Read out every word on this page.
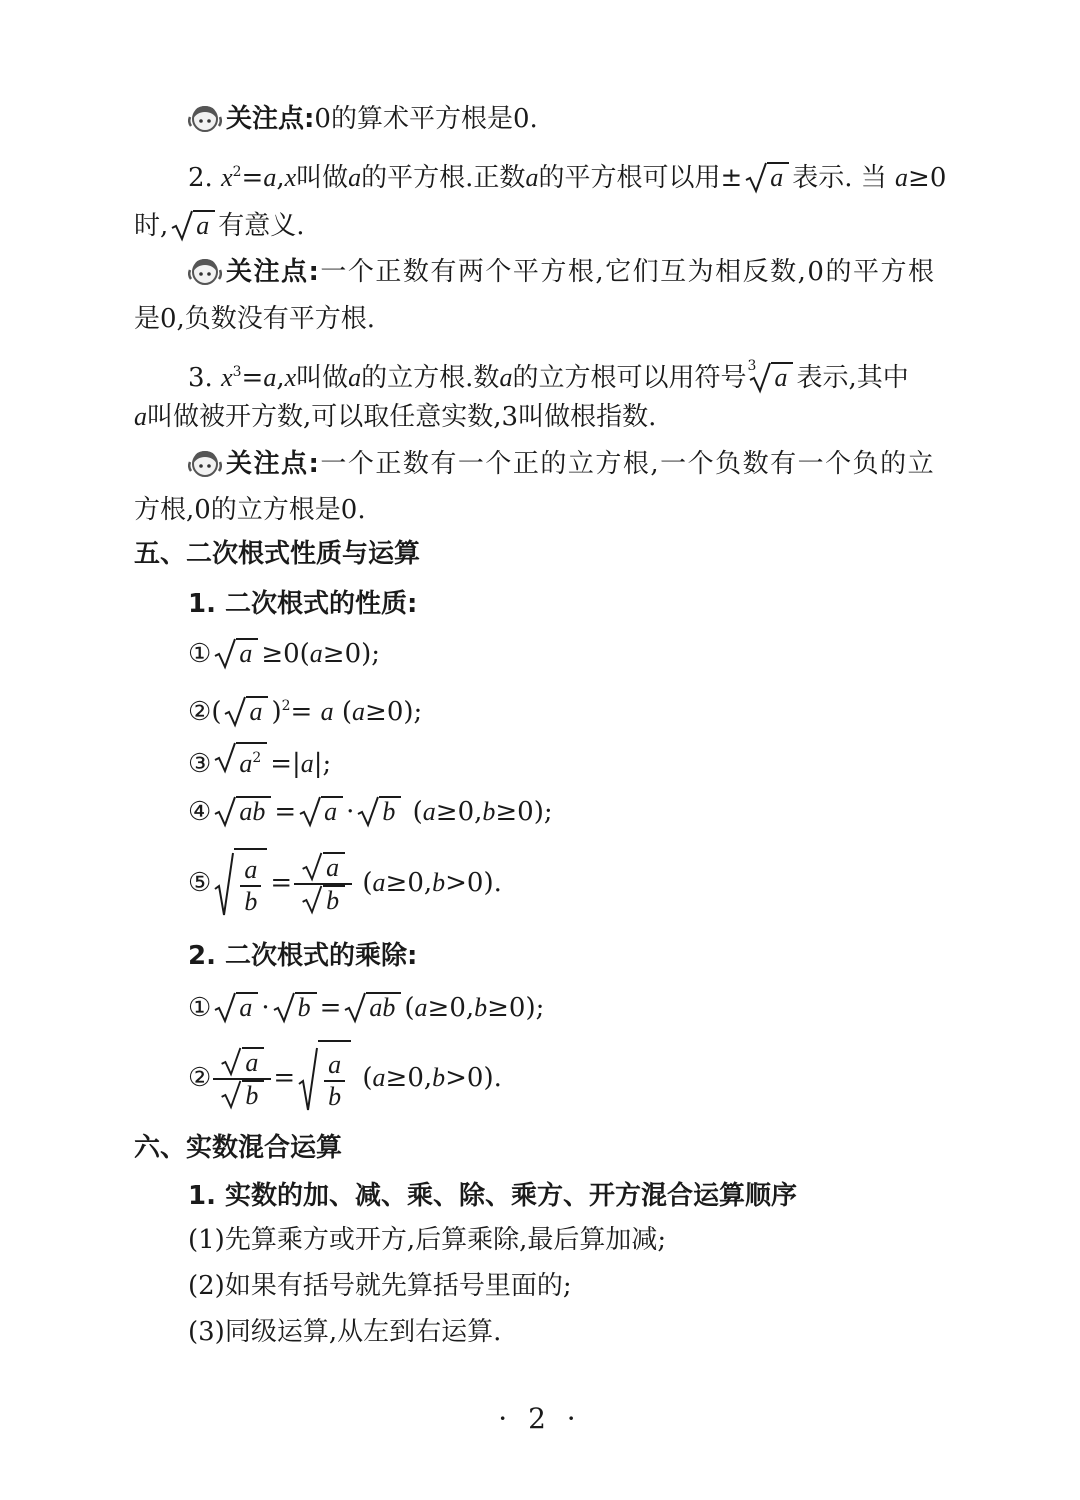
关注点:0的算术平方根是0.
2. $x^2=a,x$叫做a的平方根.正数a的平方根可以用± a 表示. 当 a≥0
时, a 有意义.
关注点:一个正数有两个平方根,它们互为相反数,0的平方根
是0,负数没有平方根.
3. $x^3=a,x$叫做a的立方根.数a的立方根可以用符号 3 a 表示,其中
a叫做被开方数,可以取任意实数,3叫做根指数.
关注点:一个正数有一个正的立方根,一个负数有一个负的立
方根,0的立方根是0.
五、二次根式性质与运算
1. 二次根式的性质:
① a ≥0(a≥0);
②( a )$^2$= a (a≥0);
③ $a^2 =|a|$;
④ ab = a · b (a≥0,b≥0);
⑤ $\frac{a}{b} = \frac{a}{b} (a\ge 0,b>0)$.
2. 二次根式的乘除:
① a · b = ab (a≥0,b≥0);
② $\frac{a}{b} = \frac{a}{b} (a\ge 0,b>0)$.
六、实数混合运算
1. 实数的加、减、乘、除、乘方、开方混合运算顺序
(1)先算乘方或开方,后算乘除,最后算加减;
(2)如果有括号就先算括号里面的;
(3)同级运算,从左到右运算.
· 2 ·
